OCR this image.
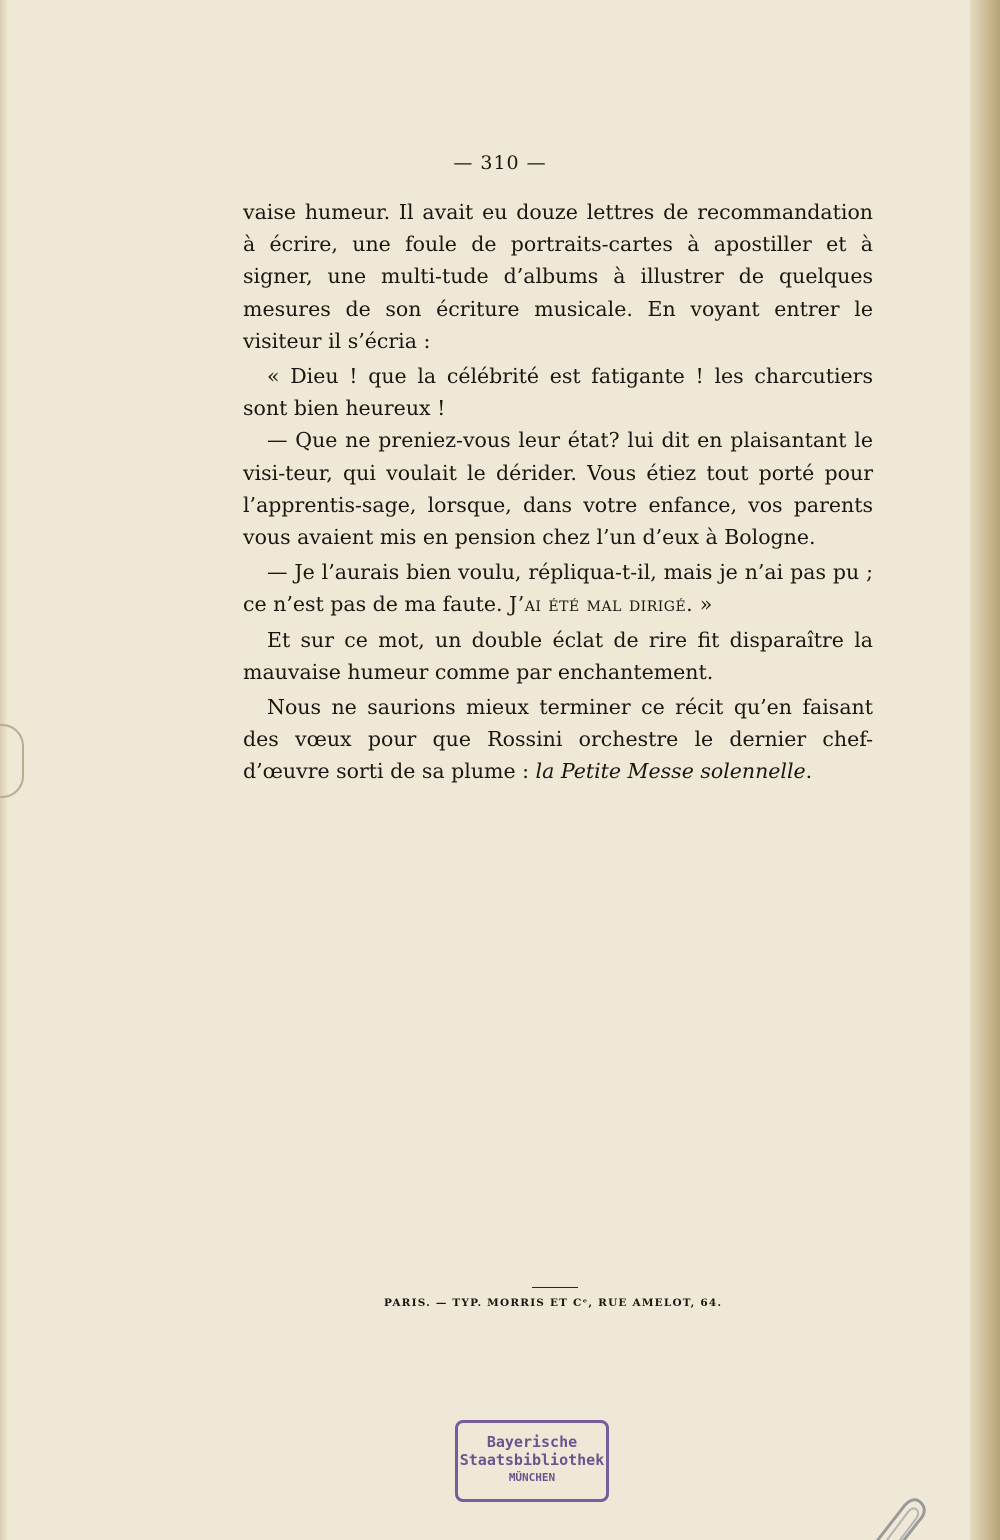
— 310 —

vaise humeur. Il avait eu douze lettres de recommandation à écrire, une foule de portraits-cartes à apostiller et à signer, une multi-tude d’albums à illustrer de quelques mesures de son écriture musicale. En voyant entrer le visiteur il s’écria :

« Dieu ! que la célébrité est fatigante ! les charcutiers sont bien heureux !

— Que ne preniez-vous leur état? lui dit en plaisantant le visi-teur, qui voulait le dérider. Vous étiez tout porté pour l’apprentis-sage, lorsque, dans votre enfance, vos parents vous avaient mis en pension chez l’un d’eux à Bologne.

— Je l’aurais bien voulu, répliqua-t-il, mais je n’ai pas pu ; ce n’est pas de ma faute. J’ai été mal dirigé. »

Et sur ce mot, un double éclat de rire fit disparaître la mauvaise humeur comme par enchantement.

Nous ne saurions mieux terminer ce récit qu’en faisant des vœux pour que Rossini orchestre le dernier chef-d’œuvre sorti de sa plume : la Petite Messe solennelle.

PARIS. — TYP. MORRIS ET Cᵉ, RUE AMELOT, 64.
Bayerische
Staatsbibliothek
MÜNCHEN
